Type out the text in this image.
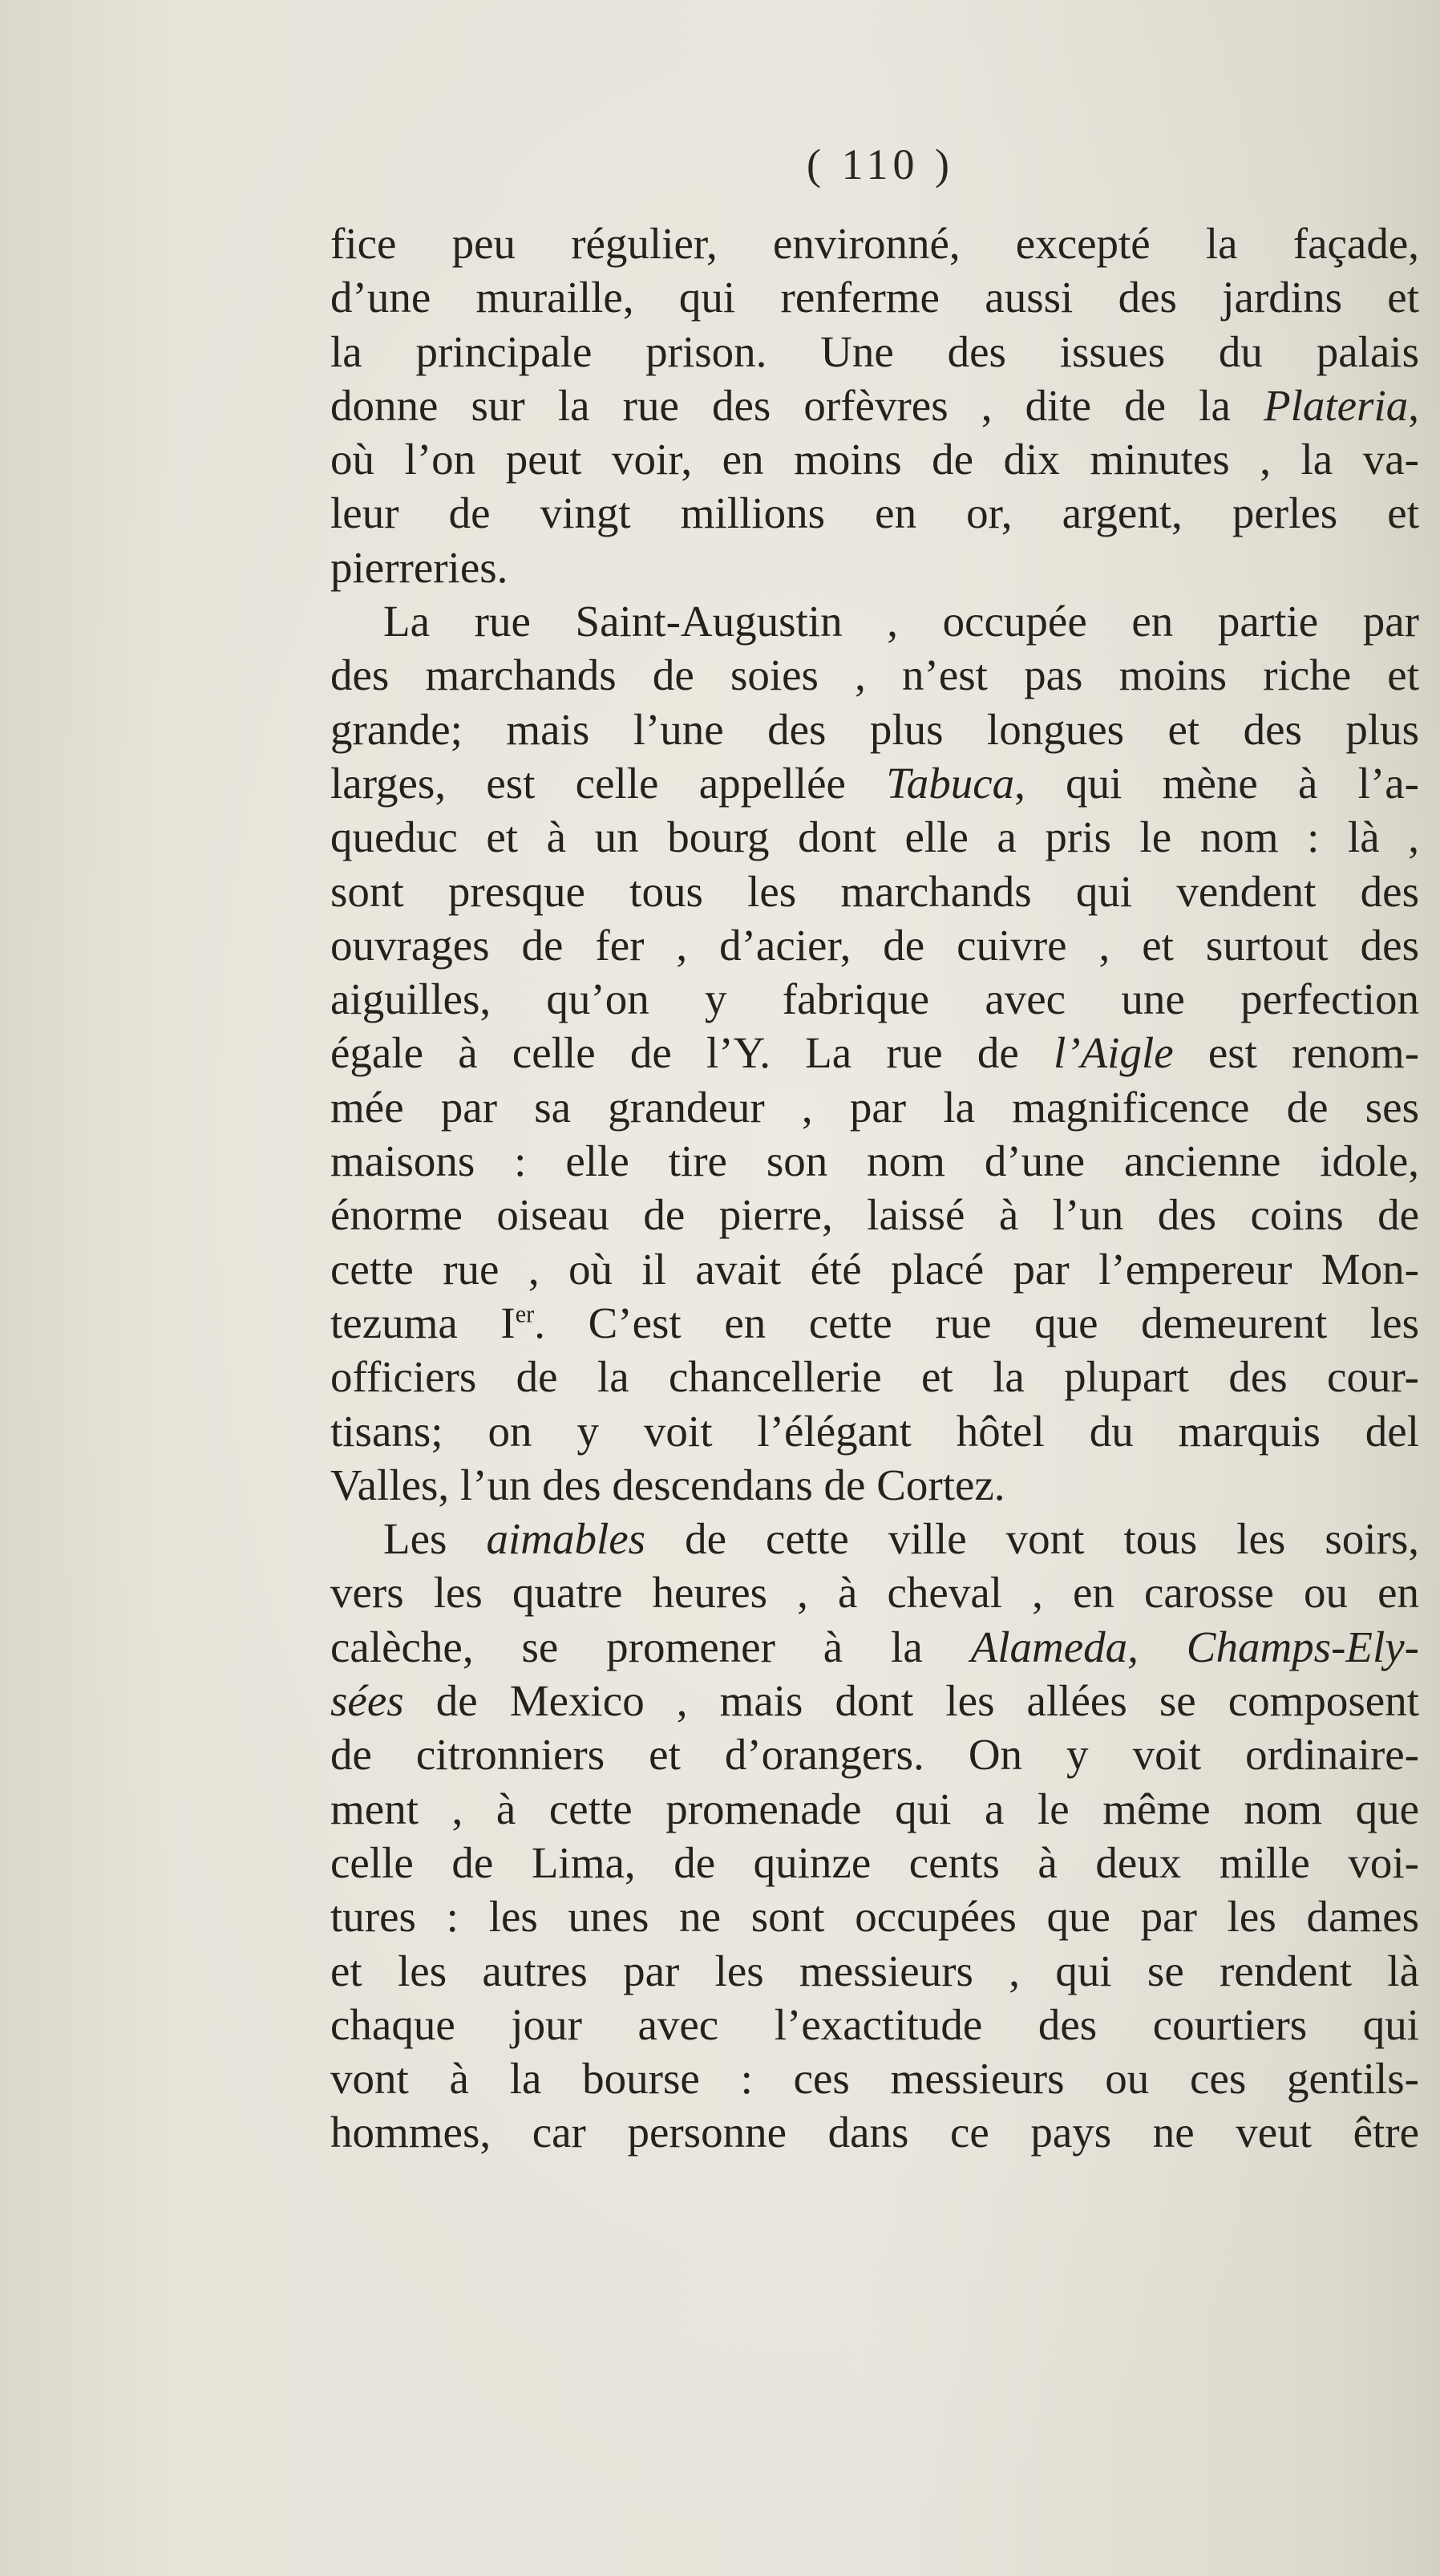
( 110 )

fice peu régulier, environné, excepté la façade,
d’une muraille, qui renferme aussi des jardins et
la principale prison. Une des issues du palais
donne sur la rue des orfèvres , dite de la Plateria,
où l’on peut voir, en moins de dix minutes , la va-
leur de vingt millions en or, argent, perles et
pierreries.

La rue Saint-Augustin , occupée en partie par
des marchands de soies , n’est pas moins riche et
grande; mais l’une des plus longues et des plus
larges, est celle appellée Tabuca, qui mène à l’a-
queduc et à un bourg dont elle a pris le nom : là ,
sont presque tous les marchands qui vendent des
ouvrages de fer , d’acier, de cuivre , et surtout des
aiguilles, qu’on y fabrique avec une perfection
égale à celle de l’Y. La rue de l’Aigle est renom-
mée par sa grandeur , par la magnificence de ses
maisons : elle tire son nom d’une ancienne idole,
énorme oiseau de pierre, laissé à l’un des coins de
cette rue , où il avait été placé par l’empereur Mon-
tezuma Ier. C’est en cette rue que demeurent les
officiers de la chancellerie et la plupart des cour-
tisans; on y voit l’élégant hôtel du marquis del
Valles, l’un des descendans de Cortez.

Les aimables de cette ville vont tous les soirs,
vers les quatre heures , à cheval , en carosse ou en
calèche, se promener à la Alameda, Champs-Ely-
sées de Mexico , mais dont les allées se composent
de citronniers et d’orangers. On y voit ordinaire-
ment , à cette promenade qui a le même nom que
celle de Lima, de quinze cents à deux mille voi-
tures : les unes ne sont occupées que par les dames
et les autres par les messieurs , qui se rendent là
chaque jour avec l’exactitude des courtiers qui
vont à la bourse : ces messieurs ou ces gentils-
hommes, car personne dans ce pays ne veut être
